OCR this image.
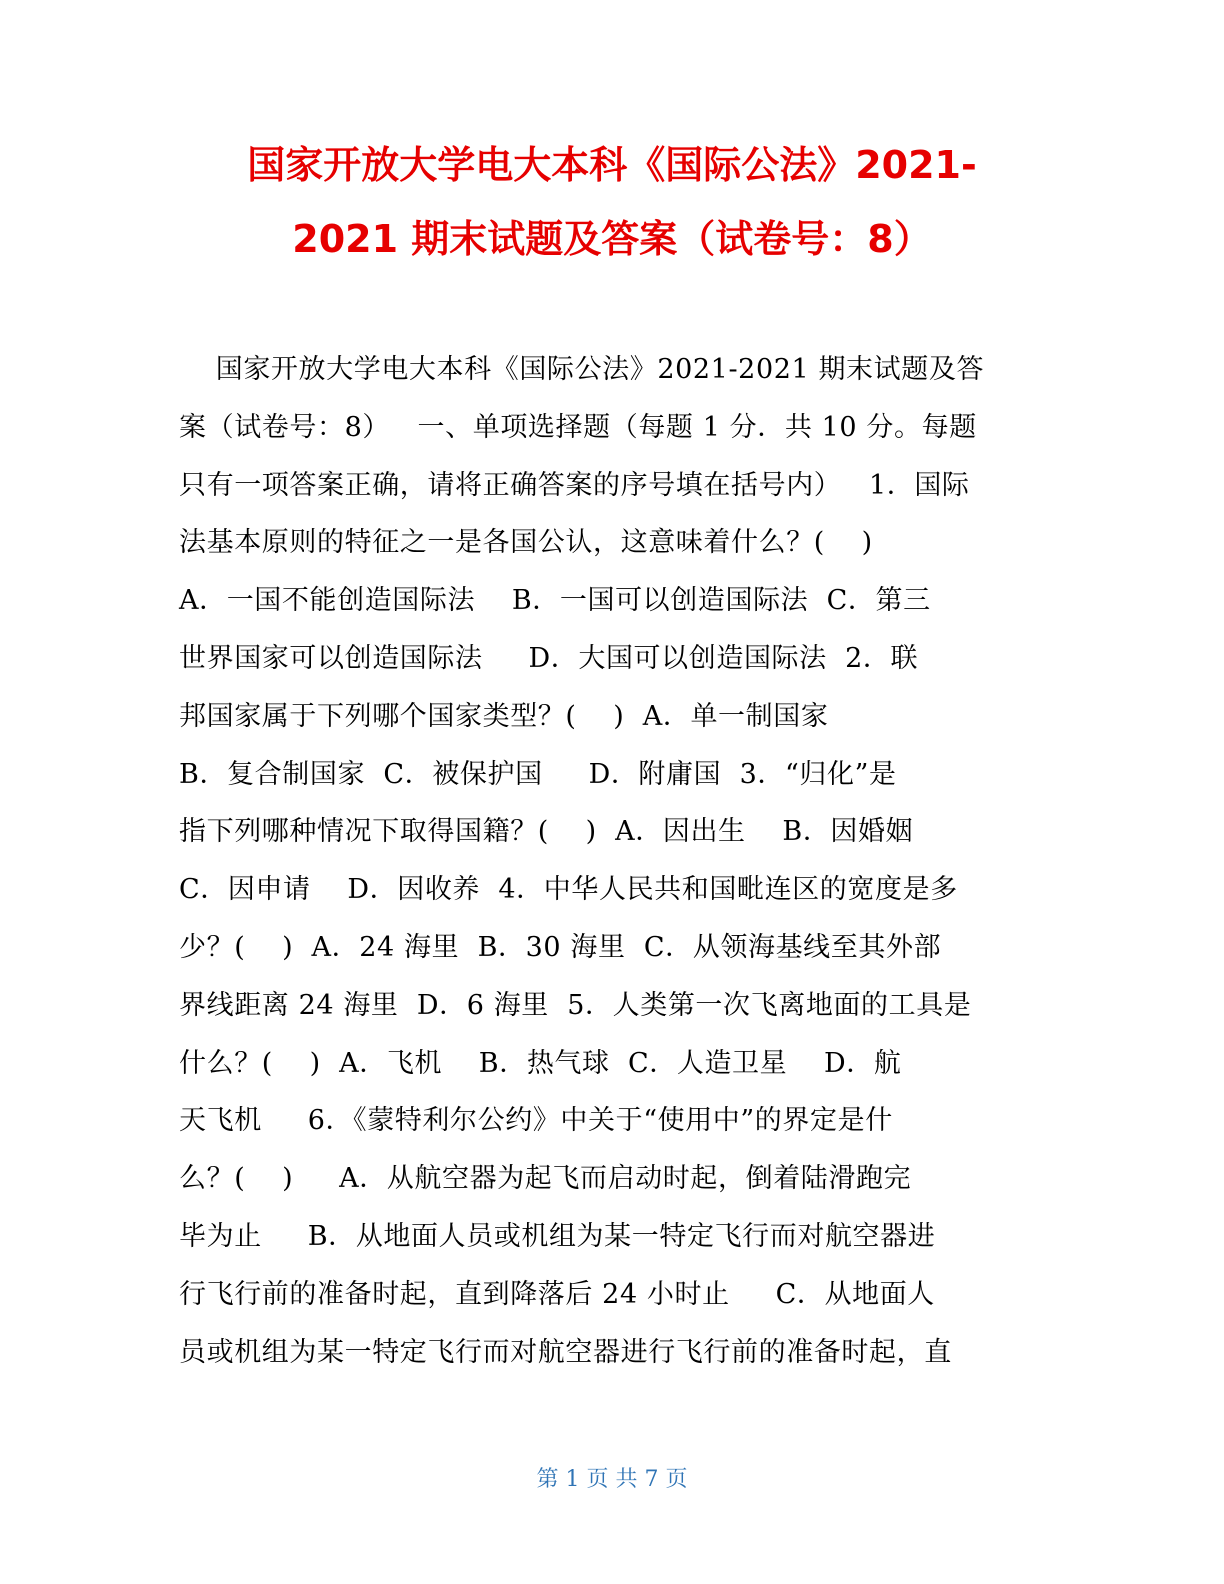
国家开放大学电大本科《国际公法》2021-
2021 期末试题及答案（试卷号：8）
国家开放大学电大本科《国际公法》2021-2021 期末试题及答
案（试卷号：8）   一、单项选择题（每题 1 分．共 10 分。每题
只有一项答案正确，请将正确答案的序号填在括号内）   1．国际
法基本原则的特征之一是各国公认，这意味着什么？(    )
A．一国不能创造国际法    B．一国可以创造国际法  C．第三
世界国家可以创造国际法     D．大国可以创造国际法  2．联
邦国家属于下列哪个国家类型？(    )  A．单一制国家
B．复合制国家  C．被保护国     D．附庸国  3．“归化”是
指下列哪种情况下取得国籍？(    )  A．因出生    B．因婚姻
C．因申请    D．因收养  4．中华人民共和国毗连区的宽度是多
少？(    )  A．24 海里  B．30 海里  C．从领海基线至其外部
界线距离 24 海里  D．6 海里  5．人类第一次飞离地面的工具是
什么？(    )  A．飞机    B．热气球  C．人造卫星    D．航
天飞机     6．《蒙特利尔公约》中关于“使用中”的界定是什
么？(    )     A．从航空器为起飞而启动时起，倒着陆滑跑完
毕为止     B．从地面人员或机组为某一特定飞行而对航空器进
行飞行前的准备时起，直到降落后 24 小时止     C．从地面人
员或机组为某一特定飞行而对航空器进行飞行前的准备时起，直
第 1 页 共 7 页
